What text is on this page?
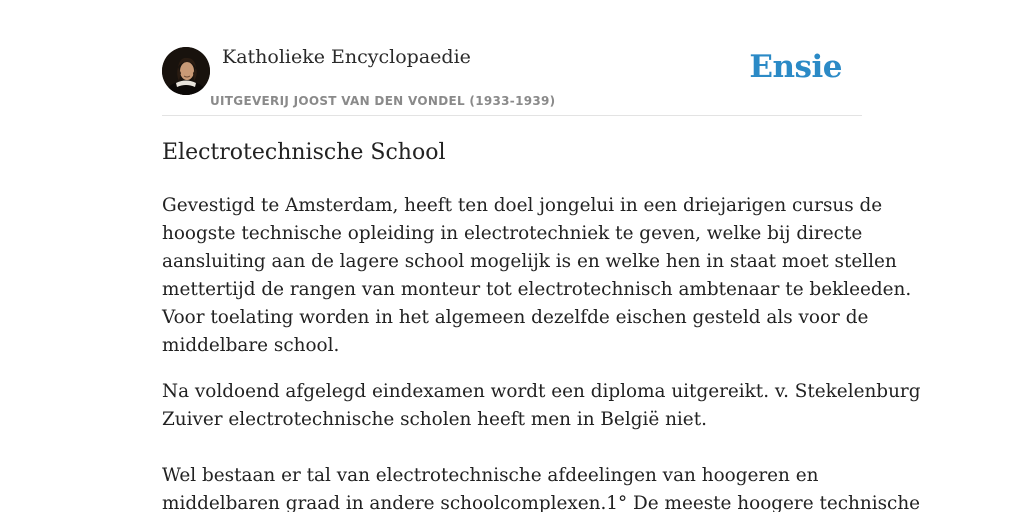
Katholieke Encyclopaedie
UITGEVERIJ JOOST VAN DEN VONDEL (1933-1939)
Ensie
Electrotechnische School

Gevestigd te Amsterdam, heeft ten doel jongelui in een driejarigen cursus de

hoogste technische opleiding in electrotechniek te geven, welke bij directe

aansluiting aan de lagere school mogelijk is en welke hen in staat moet stellen

mettertijd de rangen van monteur tot electrotechnisch ambtenaar te bekleeden.

Voor toelating worden in het algemeen dezelfde eischen gesteld als voor de

middelbare school.

Na voldoend afgelegd eindexamen wordt een diploma uitgereikt. v. Stekelenburg

Zuiver electrotechnische scholen heeft men in België niet.

Wel bestaan er tal van electrotechnische afdeelingen van hoogeren en

middelbaren graad in andere schoolcomplexen.1° De meeste hoogere technische
